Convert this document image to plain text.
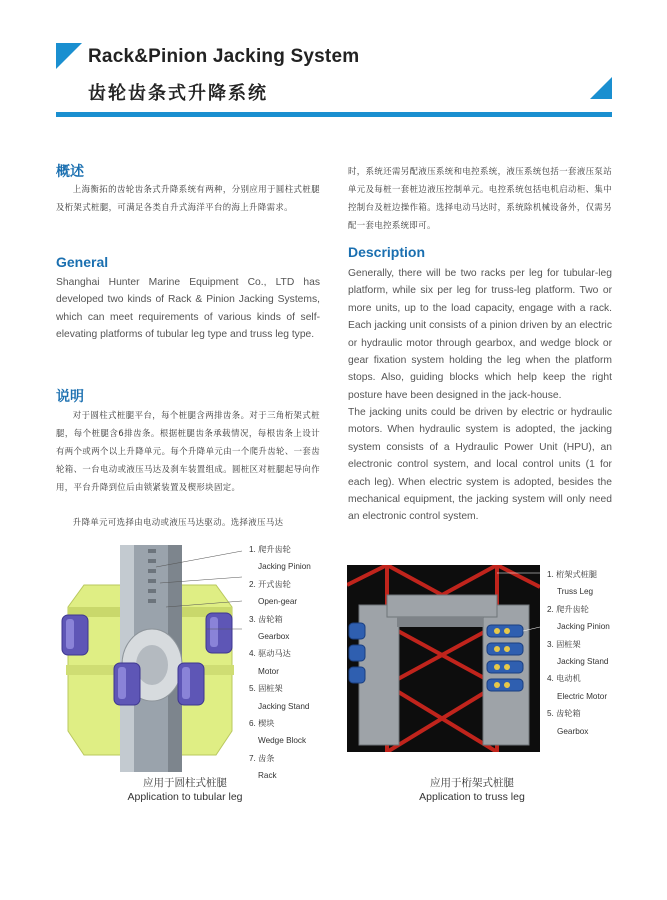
Rack&Pinion Jacking System
齿轮齿条式升降系统
概述
上海衡拓的齿轮齿条式升降系统有两种，分别应用于圆柱式桩腿及桁架式桩腿，可满足各类自升式海洋平台的海上升降需求。
General
Shanghai Hunter Marine Equipment Co., LTD has developed two kinds of Rack & Pinion Jacking Systems, which can meet requirements of various kinds of self-elevating platforms of tubular leg type and truss leg type.
说明
对于圆柱式桩腿平台，每个桩腿含两排齿条。对于三角桁架式桩腿，每个桩腿含6排齿条。根据桩腿齿条承载情况，每根齿条上设计有两个或两个以上升降单元。每个升降单元由一个爬升齿轮、一套齿轮箱、一台电动或液压马达及刹车装置组成。圆桩区对桩腿起导向作用，平台升降到位后由锁紧装置及楔形块固定。
升降单元可选择由电动或液压马达驱动。选择液压马达
时，系统还需另配液压系统和电控系统，液压系统包括一套液压泵站单元及每桩一套桩边液压控制单元。电控系统包括电机启动柜、集中控制台及桩边操作箱。选择电动马达时，系统除机械设备外，仅需另配一套电控系统即可。
Description
Generally, there will be two racks per leg for tubular-leg platform, while six per leg for truss-leg platform. Two or more units, up to the load capacity, engage with a rack. Each jacking unit consists of a pinion driven by an electric or hydraulic motor through gearbox, and wedge block or gear fixation system holding the leg when the platform stops. Also, guiding blocks which help keep the right posture have been designed in the jack-house.
The jacking units could be driven by electric or hydraulic motors. When hydraulic system is adopted, the jacking system consists of a Hydraulic Power Unit (HPU), an electronic control system, and local control units (1 for each leg). When electric system is adopted, besides the mechanical equipment, the jacking system will only need an electronic control system.
1. 爬升齿轮
Jacking Pinion
2. 开式齿轮
Open-gear
3. 齿轮箱
Gearbox
4. 驱动马达
Motor
5. 固桩架
Jacking Stand
6. 楔块
Wedge Block
7. 齿条
Rack
应用于圆柱式桩腿
Application to tubular leg
1. 桁架式桩腿
Truss Leg
2. 爬升齿轮
Jacking Pinion
3. 固桩架
Jacking Stand
4. 电动机
Electric Motor
5. 齿轮箱
Gearbox
应用于桁架式桩腿
Application to truss leg
